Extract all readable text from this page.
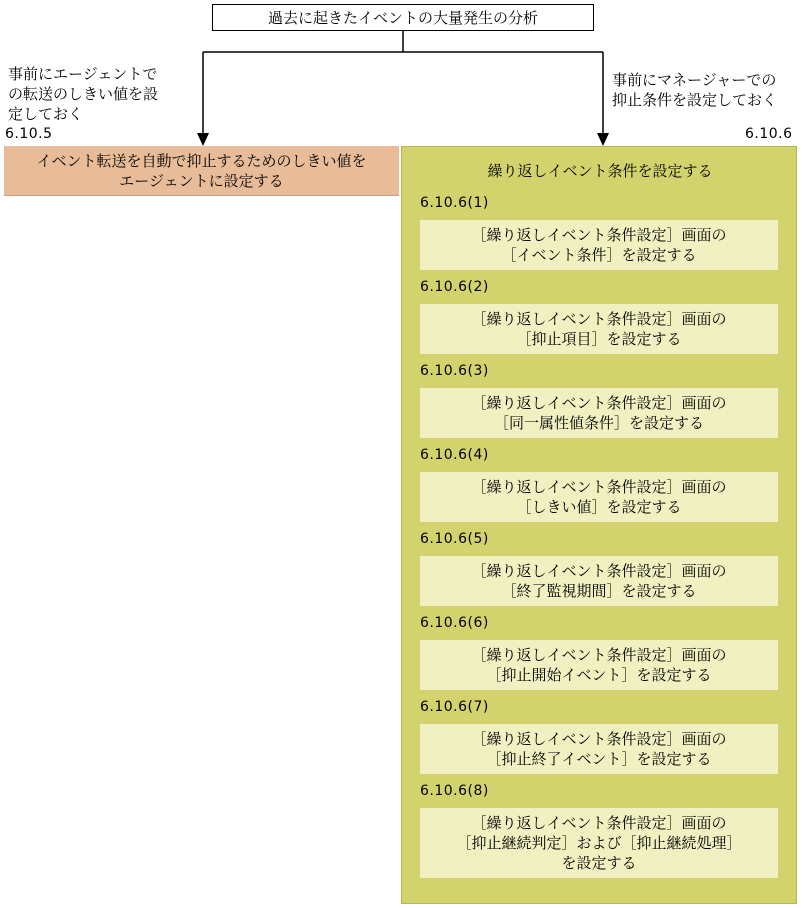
過去に起きたイベントの大量発生の分析
事前にエージェントで
の転送のしきい値を設
定しておく
事前にマネージャーでの
抑止条件を設定しておく
6.10.5	6.10.6
イベント転送を自動で抑止するためのしきい値を
エージェントに設定する
繰り返しイベント条件を設定する
6.10.6(1)
［繰り返しイベント条件設定］画面の
［イベント条件］を設定する
6.10.6(2)
［繰り返しイベント条件設定］画面の
［抑止項目］を設定する
6.10.6(3)
［繰り返しイベント条件設定］画面の
［同一属性値条件］を設定する
6.10.6(4)
［繰り返しイベント条件設定］画面の
［しきい値］を設定する
6.10.6(5)
［繰り返しイベント条件設定］画面の
［終了監視期間］を設定する
6.10.6(6)
［繰り返しイベント条件設定］画面の
［抑止開始イベント］を設定する
6.10.6(7)
［繰り返しイベント条件設定］画面の
［抑止終了イベント］を設定する
6.10.6(8)
［繰り返しイベント条件設定］画面の
［抑止継続判定］および［抑止継続処理］
を設定する
